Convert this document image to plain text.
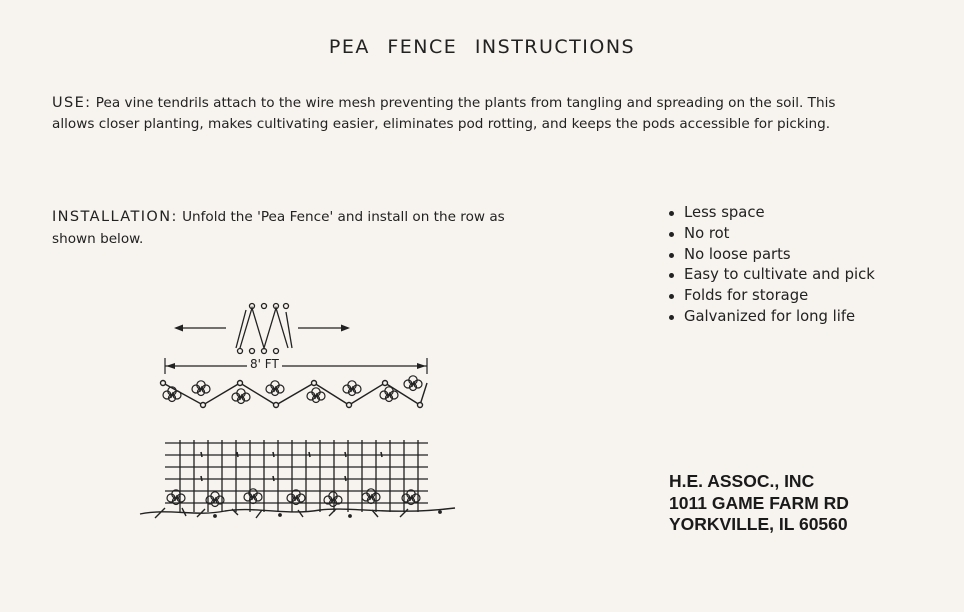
PEA FENCE INSTRUCTIONS
USE: Pea vine tendrils attach to the wire mesh preventing the plants from tangling and spreading on the soil. This allows closer planting, makes cultivating easier, eliminates pod rotting, and keeps the pods accessible for picking.
INSTALLATION: Unfold the 'Pea Fence' and install on the row as shown below.
Less space
No rot
No loose parts
Easy to cultivate and pick
Folds for storage
Galvanized for long life
8' FT
H.E. ASSOC., INC
1011 GAME FARM RD
YORKVILLE, IL 60560
